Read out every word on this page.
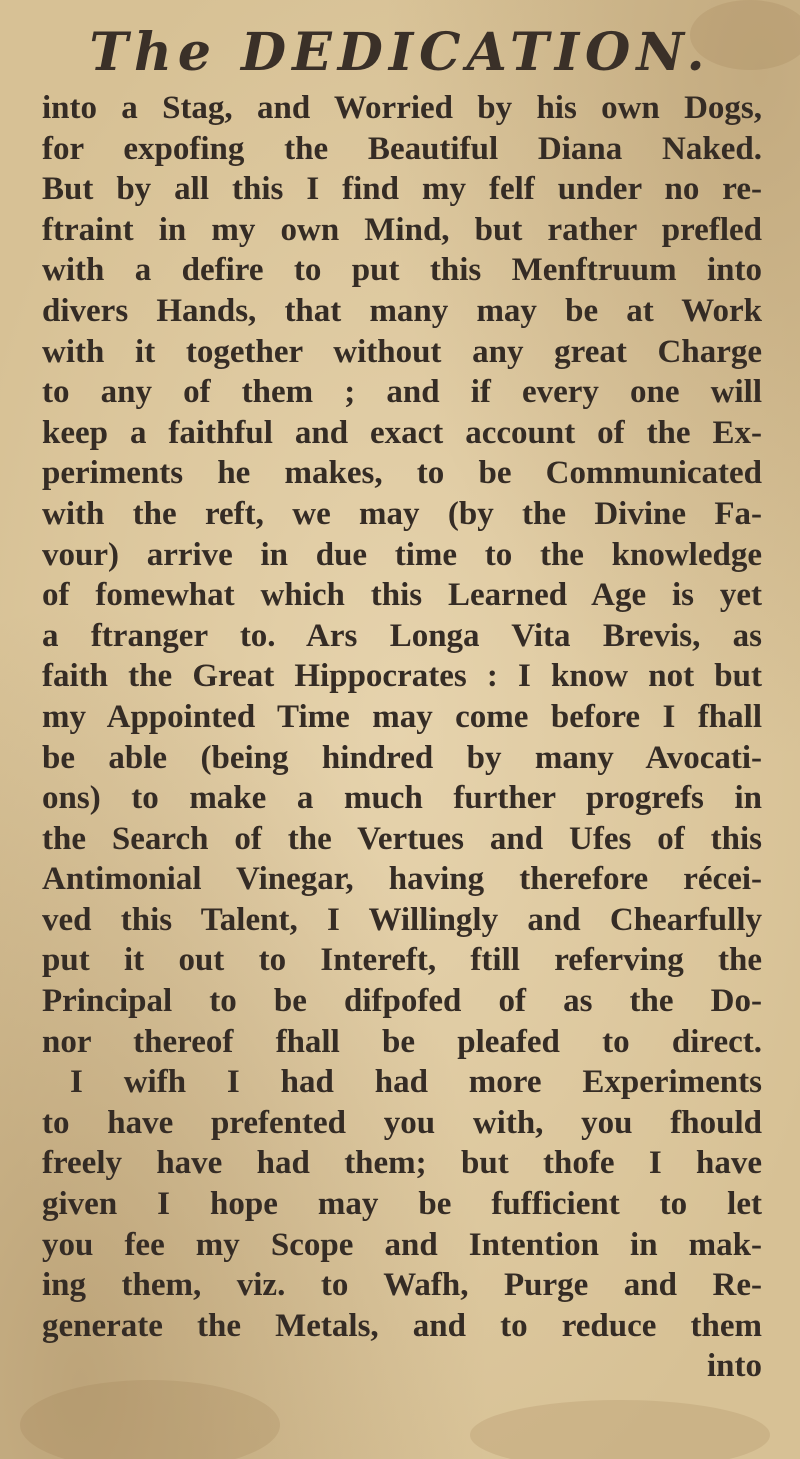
The DEDICATION.
into a Stag, and Worried by his own Dogs,
for expofing the Beautiful Diana Naked.
But by all this I find my felf under no re-
ftraint in my own Mind, but rather prefled
with a defire to put this Menftruum into
divers Hands, that many may be at Work
with it together without any great Charge
to any of them ; and if every one will
keep a faithful and exact account of the Ex-
periments he makes, to be Communicated
with the reft, we may (by the Divine Fa-
vour) arrive in due time to the knowledge
of fomewhat which this Learned Age is yet
a ftranger to. Ars Longa Vita Brevis, as
faith the Great Hippocrates : I know not but
my Appointed Time may come before I fhall
be able (being hindred by many Avocati-
ons) to make a much further progrefs in
the Search of the Vertues and Ufes of this
Antimonial Vinegar, having therefore récei-
ved this Talent, I Willingly and Chearfully
put it out to Intereft, ftill referving the
Principal to be difpofed of as the Do-
nor thereof fhall be pleafed to direct.
I wifh I had had more Experiments
to have prefented you with, you fhould
freely have had them; but thofe I have
given I hope may be fufficient to let
you fee my Scope and Intention in mak-
ing them, viz. to Wafh, Purge and Re-
generate the Metals, and to reduce them
into
